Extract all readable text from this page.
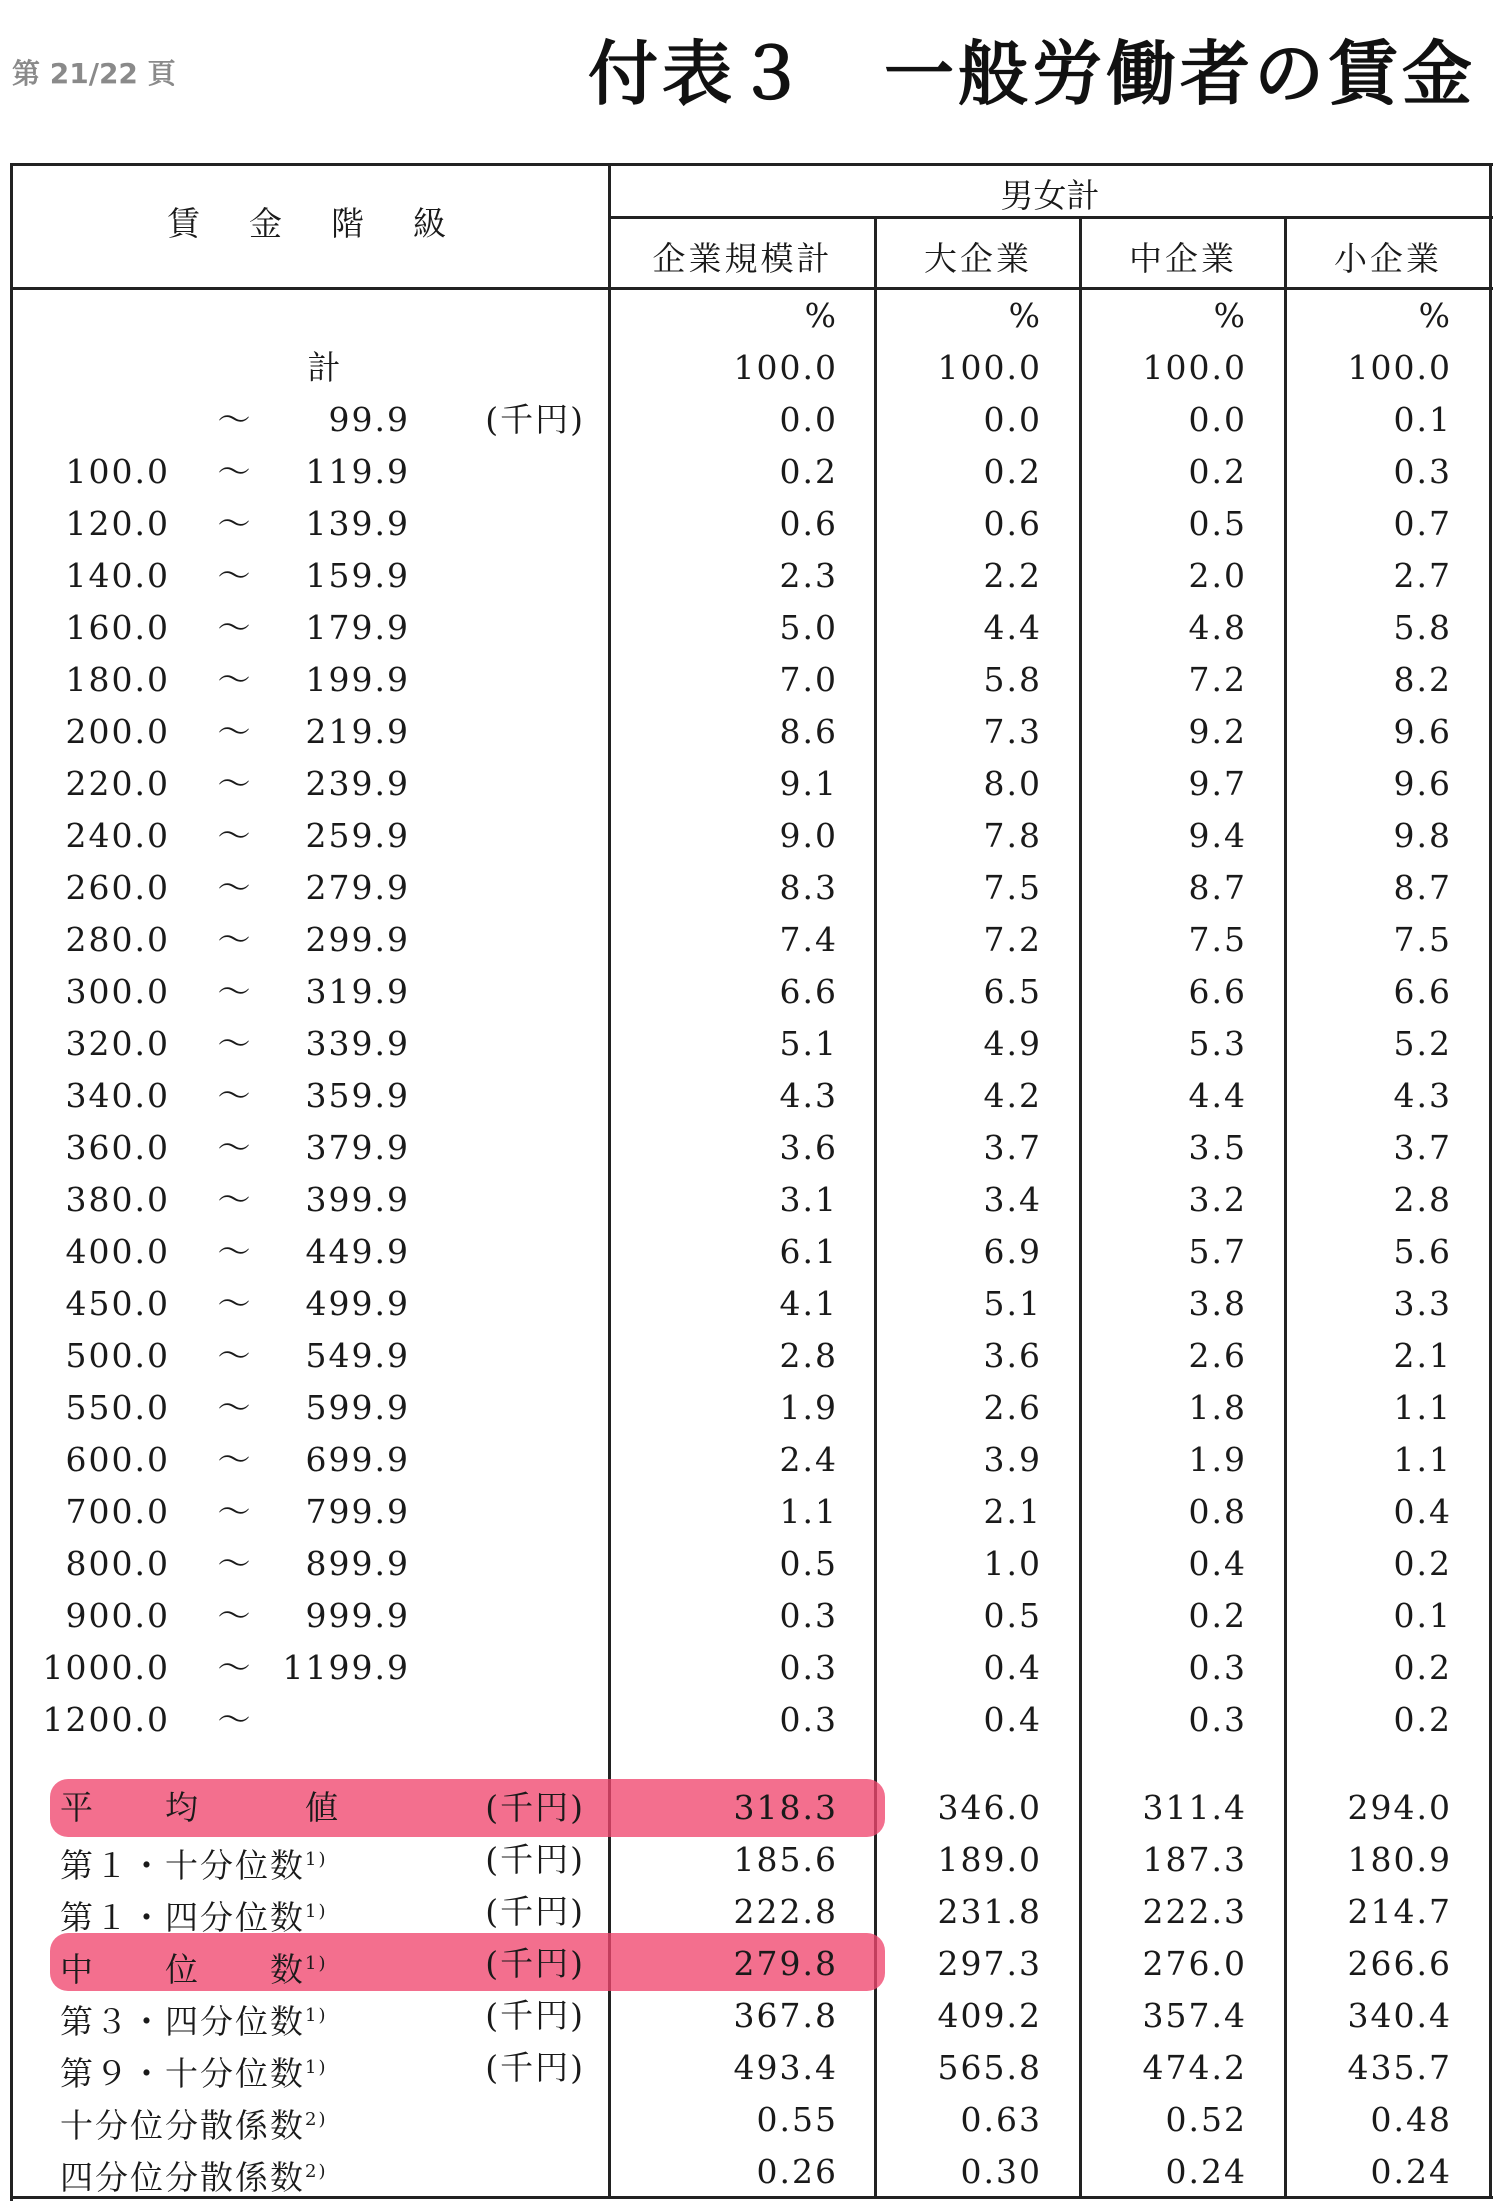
第 21/22 頁	付表３　一般労働者の賃金
賃　金　階　級
男女計
企業規模計	大企業	中企業	小企業
%	%	%	%
計	100.0	100.0	100.0	100.0
～	99.9	(千円)	0.0	0.0	0.0	0.1
100.0	～	119.9	0.2	0.2	0.2	0.3
120.0	～	139.9	0.6	0.6	0.5	0.7
140.0	～	159.9	2.3	2.2	2.0	2.7
160.0	～	179.9	5.0	4.4	4.8	5.8
180.0	～	199.9	7.0	5.8	7.2	8.2
200.0	～	219.9	8.6	7.3	9.2	9.6
220.0	～	239.9	9.1	8.0	9.7	9.6
240.0	～	259.9	9.0	7.8	9.4	9.8
260.0	～	279.9	8.3	7.5	8.7	8.7
280.0	～	299.9	7.4	7.2	7.5	7.5
300.0	～	319.9	6.6	6.5	6.6	6.6
320.0	～	339.9	5.1	4.9	5.3	5.2
340.0	～	359.9	4.3	4.2	4.4	4.3
360.0	～	379.9	3.6	3.7	3.5	3.7
380.0	～	399.9	3.1	3.4	3.2	2.8
400.0	～	449.9	6.1	6.9	5.7	5.6
450.0	～	499.9	4.1	5.1	3.8	3.3
500.0	～	549.9	2.8	3.6	2.6	2.1
550.0	～	599.9	1.9	2.6	1.8	1.1
600.0	～	699.9	2.4	3.9	1.9	1.1
700.0	～	799.9	1.1	2.1	0.8	0.4
800.0	～	899.9	0.5	1.0	0.4	0.2
900.0	～	999.9	0.3	0.5	0.2	0.1
1000.0	～ 1199.9	0.3	0.4	0.3	0.2
1200.0	～	0.3	0.4	0.3	0.2
平　　均　　　値	(千円)	318.3	346.0	311.4	294.0
第１・十分位数$^{1)}$	(千円)	185.6	189.0	187.3	180.9
第１・四分位数$^{1)}$	(千円)	222.8	231.8	222.3	214.7
中　　位　　数$^{1)}$	(千円)	279.8	297.3	276.0	266.6
第３・四分位数$^{1)}$	(千円)	367.8	409.2	357.4	340.4
第９・十分位数$^{1)}$	(千円)	493.4	565.8	474.2	435.7
十分位分散係数$^{2)}$	0.55	0.63	0.52	0.48
四分位分散係数$^{2)}$	0.26	0.30	0.24	0.24
